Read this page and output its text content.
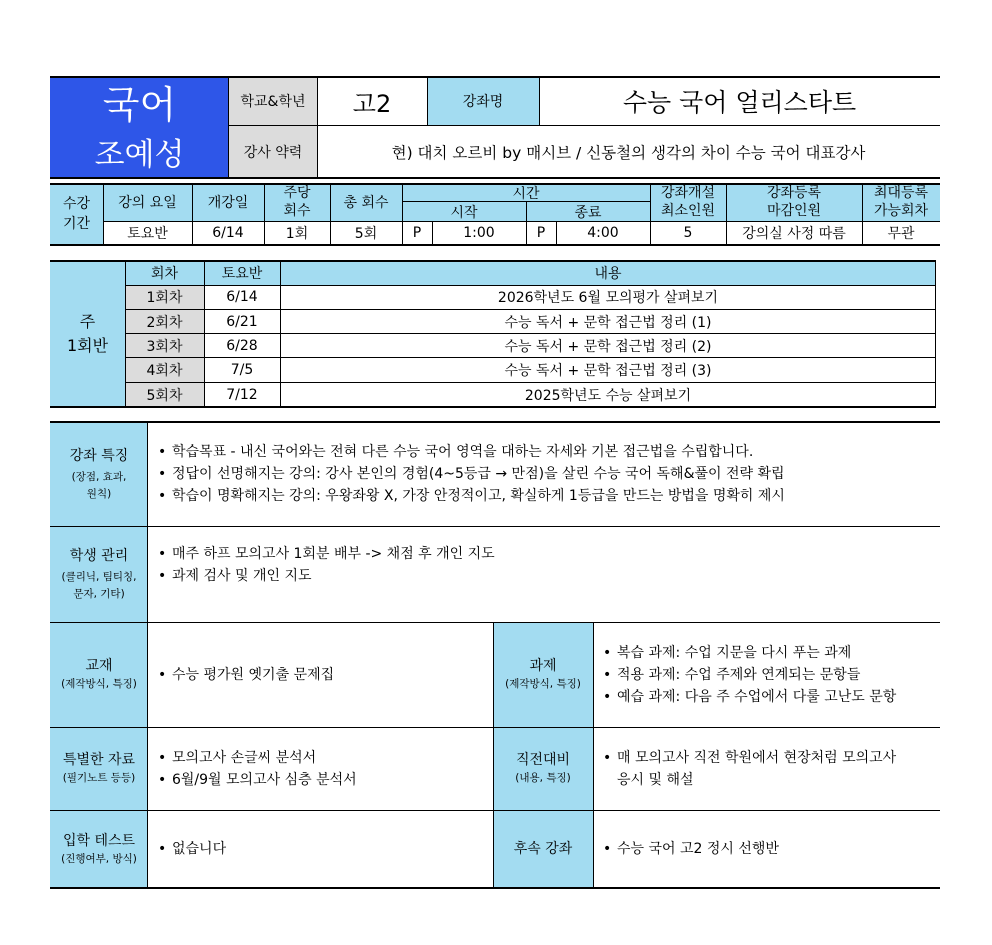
국어
조예성
학교&학년	고2	강좌명	수능 국어 얼리스타트
강사 약력	현) 대치 오르비 by 매시브 / 신동철의 생각의 차이 수능 국어 대표강사
수강
기간
강의 요일	개강일
주당
회수	총 회수
시간
시작	종료
강좌개설
최소인원
강좌등록
마감인원
최대등록
가능회차
토요반	6/14	1회	5회	P	1:00	P	4:00	5	강의실 사정 따름	무관
주
1회반
회차	토요반	내용
1회차	6/14	2026학년도 6월 모의평가 살펴보기
2회차	6/21	수능 독서 + 문학 접근법 정리 (1)
3회차	6/28	수능 독서 + 문학 접근법 정리 (2)
4회차	7/5	수능 독서 + 문학 접근법 정리 (3)
5회차	7/12	2025학년도 수능 살펴보기
강좌 특징
(장점, 효과,
원칙)
• 학습목표 - 내신 국어와는 전혀 다른 수능 국어 영역을 대하는 자세와 기본 접근법을 수립합니다.
• 정답이 선명해지는 강의: 강사 본인의 경험(4~5등급 → 만점)을 살린 수능 국어 독해&풀이 전략 확립
• 학습이 명확해지는 강의: 우왕좌왕 X, 가장 안정적이고, 확실하게 1등급을 만드는 방법을 명확히 제시
학생 관리
(클리닉, 팀티칭,
문자, 기타)
• 매주 하프 모의고사 1회분 배부 -> 채점 후 개인 지도
• 과제 검사 및 개인 지도
교재
(제작방식, 특징)
• 수능 평가원 옛기출 문제집
과제
(제작방식, 특징)
• 복습 과제: 수업 지문을 다시 푸는 과제
• 적용 과제: 수업 주제와 연계되는 문항들
• 예습 과제: 다음 주 수업에서 다룰 고난도 문항
특별한 자료
(필기노트 등등)
• 모의고사 손글씨 분석서
• 6월/9월 모의고사 심층 분석서
직전대비
(내용, 특징)
• 매 모의고사 직전 학원에서 현장처럼 모의고사
응시 및 해설
입학 테스트
(진행여부, 방식)
• 없습니다	후속 강좌
•	수능 국어 고2 정시 선행반
